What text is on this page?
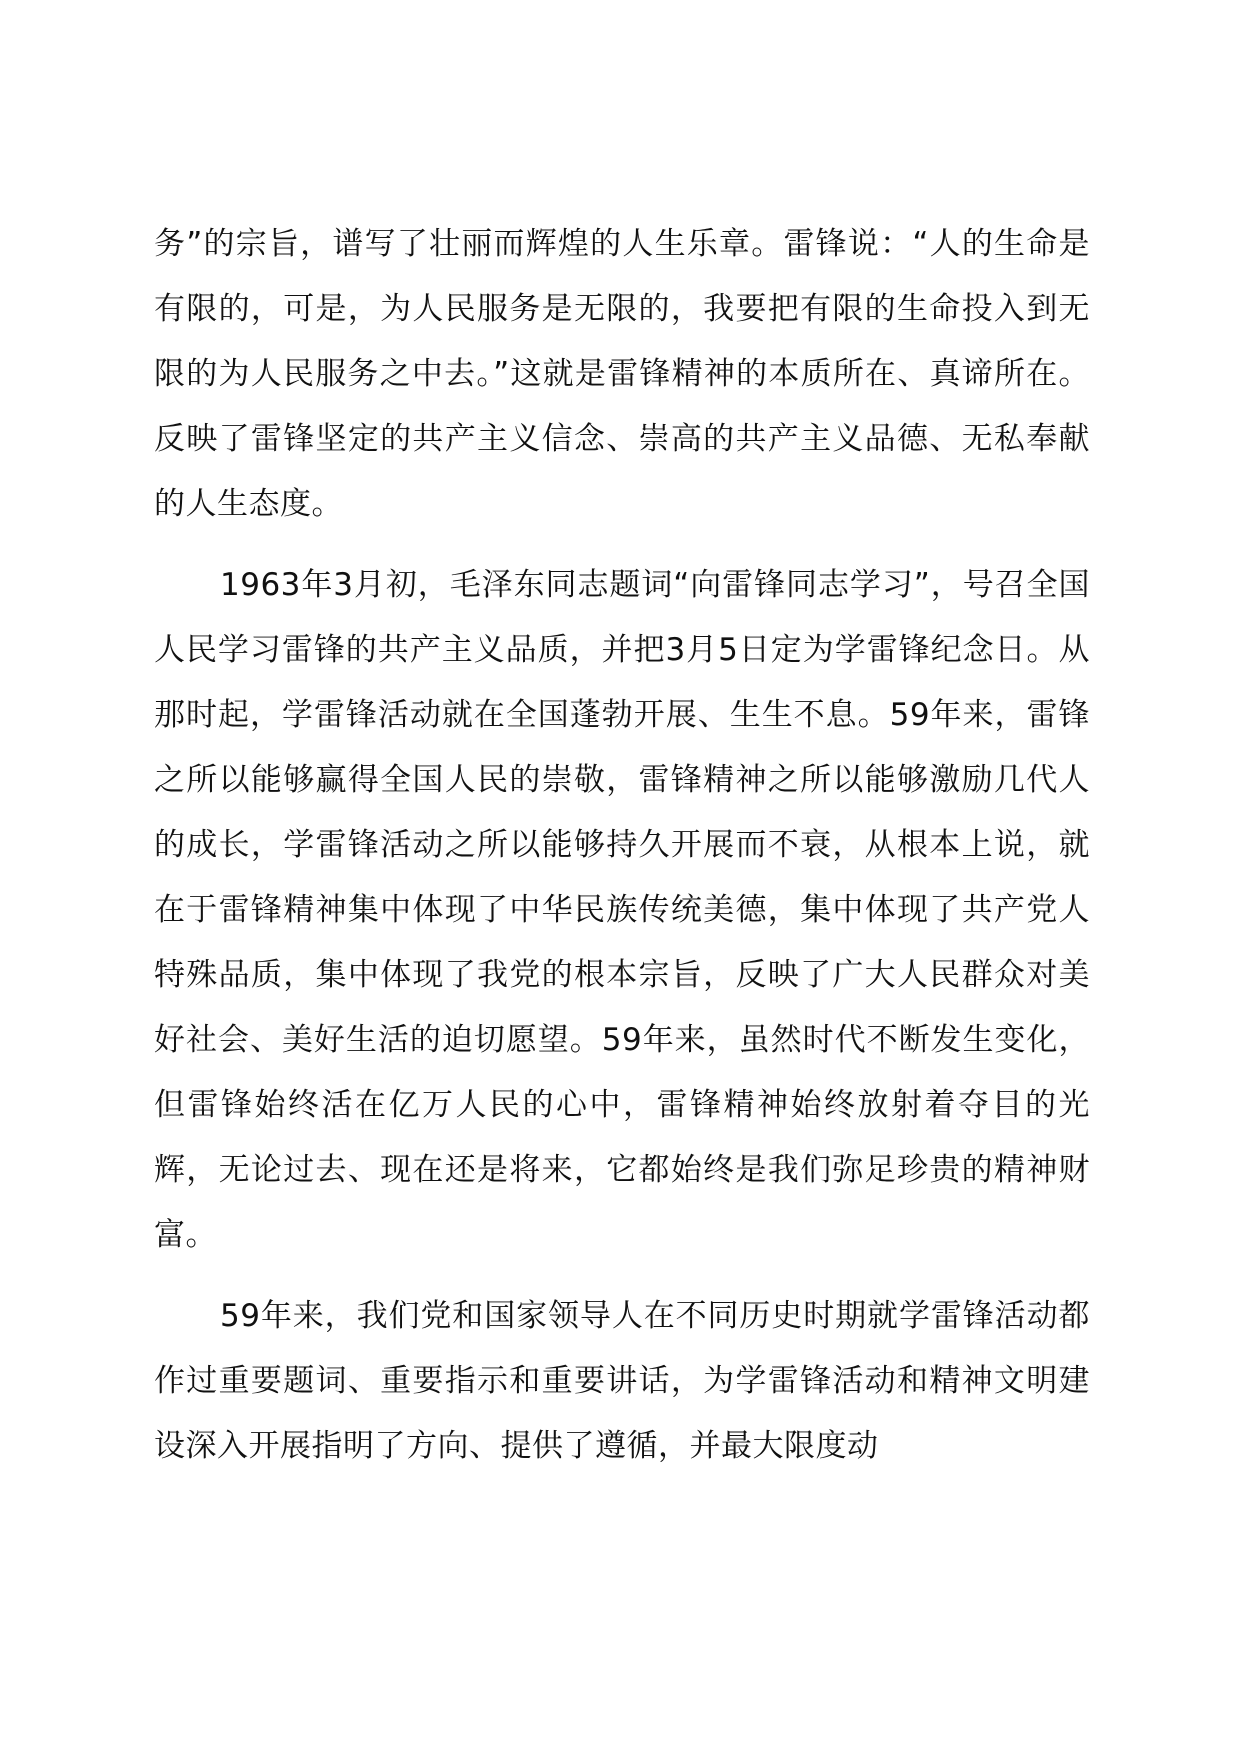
务”的宗旨，谱写了壮丽而辉煌的人生乐章。雷锋说：“人的生命是有限的，可是，为人民服务是无限的，我要把有限的生命投入到无限的为人民服务之中去。”这就是雷锋精神的本质所在、真谛所在。反映了雷锋坚定的共产主义信念、崇高的共产主义品德、无私奉献的人生态度。

1963年3月初，毛泽东同志题词“向雷锋同志学习”，号召全国人民学习雷锋的共产主义品质，并把3月5日定为学雷锋纪念日。从那时起，学雷锋活动就在全国蓬勃开展、生生不息。59年来，雷锋之所以能够赢得全国人民的崇敬，雷锋精神之所以能够激励几代人的成长，学雷锋活动之所以能够持久开展而不衰，从根本上说，就在于雷锋精神集中体现了中华民族传统美德，集中体现了共产党人特殊品质，集中体现了我党的根本宗旨，反映了广大人民群众对美好社会、美好生活的迫切愿望。59年来，虽然时代不断发生变化，但雷锋始终活在亿万人民的心中，雷锋精神始终放射着夺目的光辉，无论过去、现在还是将来，它都始终是我们弥足珍贵的精神财富。

59年来，我们党和国家领导人在不同历史时期就学雷锋活动都作过重要题词、重要指示和重要讲话，为学雷锋活动和精神文明建设深入开展指明了方向、提供了遵循，并最大限度动
